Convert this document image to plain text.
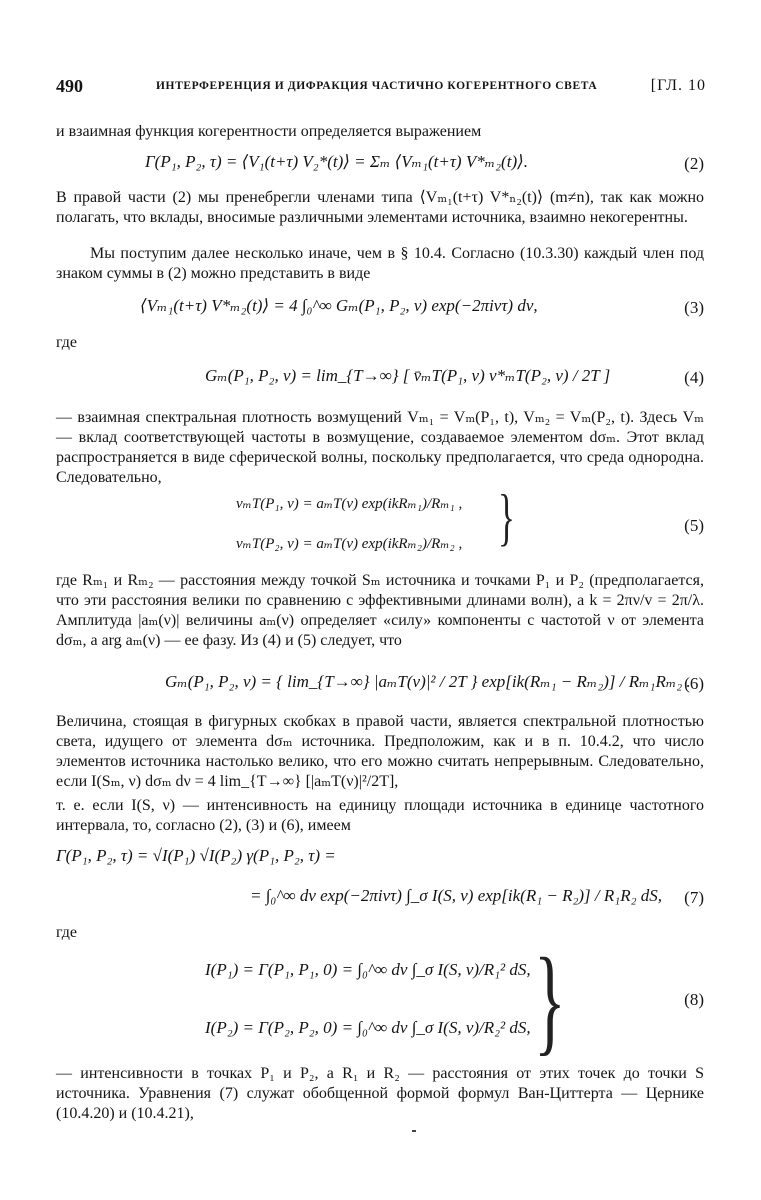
490	ИНТЕРФЕРЕНЦИЯ И ДИФРАКЦИЯ ЧАСТИЧНО КОГЕРЕНТНОГО СВЕТА	[ГЛ. 10

и взаимная функция когерентности определяется выражением

Γ(P₁, P₂, τ) = ⟨V₁(t+τ) V₂*(t)⟩ = Σₘ ⟨Vₘ₁(t+τ) V*ₘ₂(t)⟩.	(2)

В правой части (2) мы пренебрегли членами типа ⟨Vₘ₁(t+τ) V*ₙ₂(t)⟩ (m≠n), так как можно полагать, что вклады, вносимые различными элементами источника, взаимно некогерентны.

Мы поступим далее несколько иначе, чем в § 10.4. Согласно (10.3.30) каждый член под знаком суммы в (2) можно представить в виде

⟨Vₘ₁(t+τ) V*ₘ₂(t)⟩ = 4 ∫₀^∞ Gₘ(P₁, P₂, ν) exp(−2πiντ) dν,	(3)

где

Gₘ(P₁, P₂, ν) = lim_{T→∞} [ v̄ₘT(P₁, ν) v*ₘT(P₂, ν) / 2T ]	(4)

— взаимная спектральная плотность возмущений Vₘ₁ = Vₘ(P₁, t), Vₘ₂ = Vₘ(P₂, t). Здесь Vₘ — вклад соответствующей частоты в возмущение, создаваемое элементом dσₘ. Этот вклад распространяется в виде сферической волны, поскольку предполагается, что среда однородна. Следовательно,

vₘT(P₁, ν) = aₘT(ν) exp(ikRₘ₁)/Rₘ₁ ,
vₘT(P₂, ν) = aₘT(ν) exp(ikRₘ₂)/Rₘ₂ , }	(5)

где Rₘ₁ и Rₘ₂ — расстояния между точкой Sₘ источника и точками P₁ и P₂ (предполагается, что эти расстояния велики по сравнению с эффективными длинами волн), а k = 2πν/v = 2π/λ. Амплитуда |aₘ(ν)| величины aₘ(ν) определяет «силу» компоненты с частотой ν от элемента dσₘ, а arg aₘ(ν) — ее фазу. Из (4) и (5) следует, что

Gₘ(P₁, P₂, ν) = { lim_{T→∞} |aₘT(ν)|² / 2T } exp[ik(Rₘ₁ − Rₘ₂)] / Rₘ₁Rₘ₂ .
(6)

Величина, стоящая в фигурных скобках в правой части, является спектральной плотностью света, идущего от элемента dσₘ источника. Предположим, как и в п. 10.4.2, что число элементов источника настолько велико, что его можно считать непрерывным. Следовательно, если I(Sₘ, ν) dσₘ dν = 4 lim_{T→∞} [|aₘT(ν)|²/2T],

т. е. если I(S, ν) — интенсивность на единицу площади источника в единице частотного интервала, то, согласно (2), (3) и (6), имеем

Γ(P₁, P₂, τ) = √I(P₁) √I(P₂) γ(P₁, P₂, τ) =
= ∫₀^∞ dν exp(−2πiντ) ∫_σ I(S, ν) exp[ik(R₁ − R₂)] / R₁R₂ dS, (7)

где

I(P₁) = Γ(P₁, P₁, 0) = ∫₀^∞ dν ∫_σ I(S, ν)/R₁² dS,
I(P₂) = Γ(P₂, P₂, 0) = ∫₀^∞ dν ∫_σ I(S, ν)/R₂² dS, }	(8)

— интенсивности в точках P₁ и P₂, а R₁ и R₂ — расстояния от этих точек до точки S источника. Уравнения (7) служат обобщенной формой формул Ван-Циттерта — Цернике (10.4.20) и (10.4.21),
